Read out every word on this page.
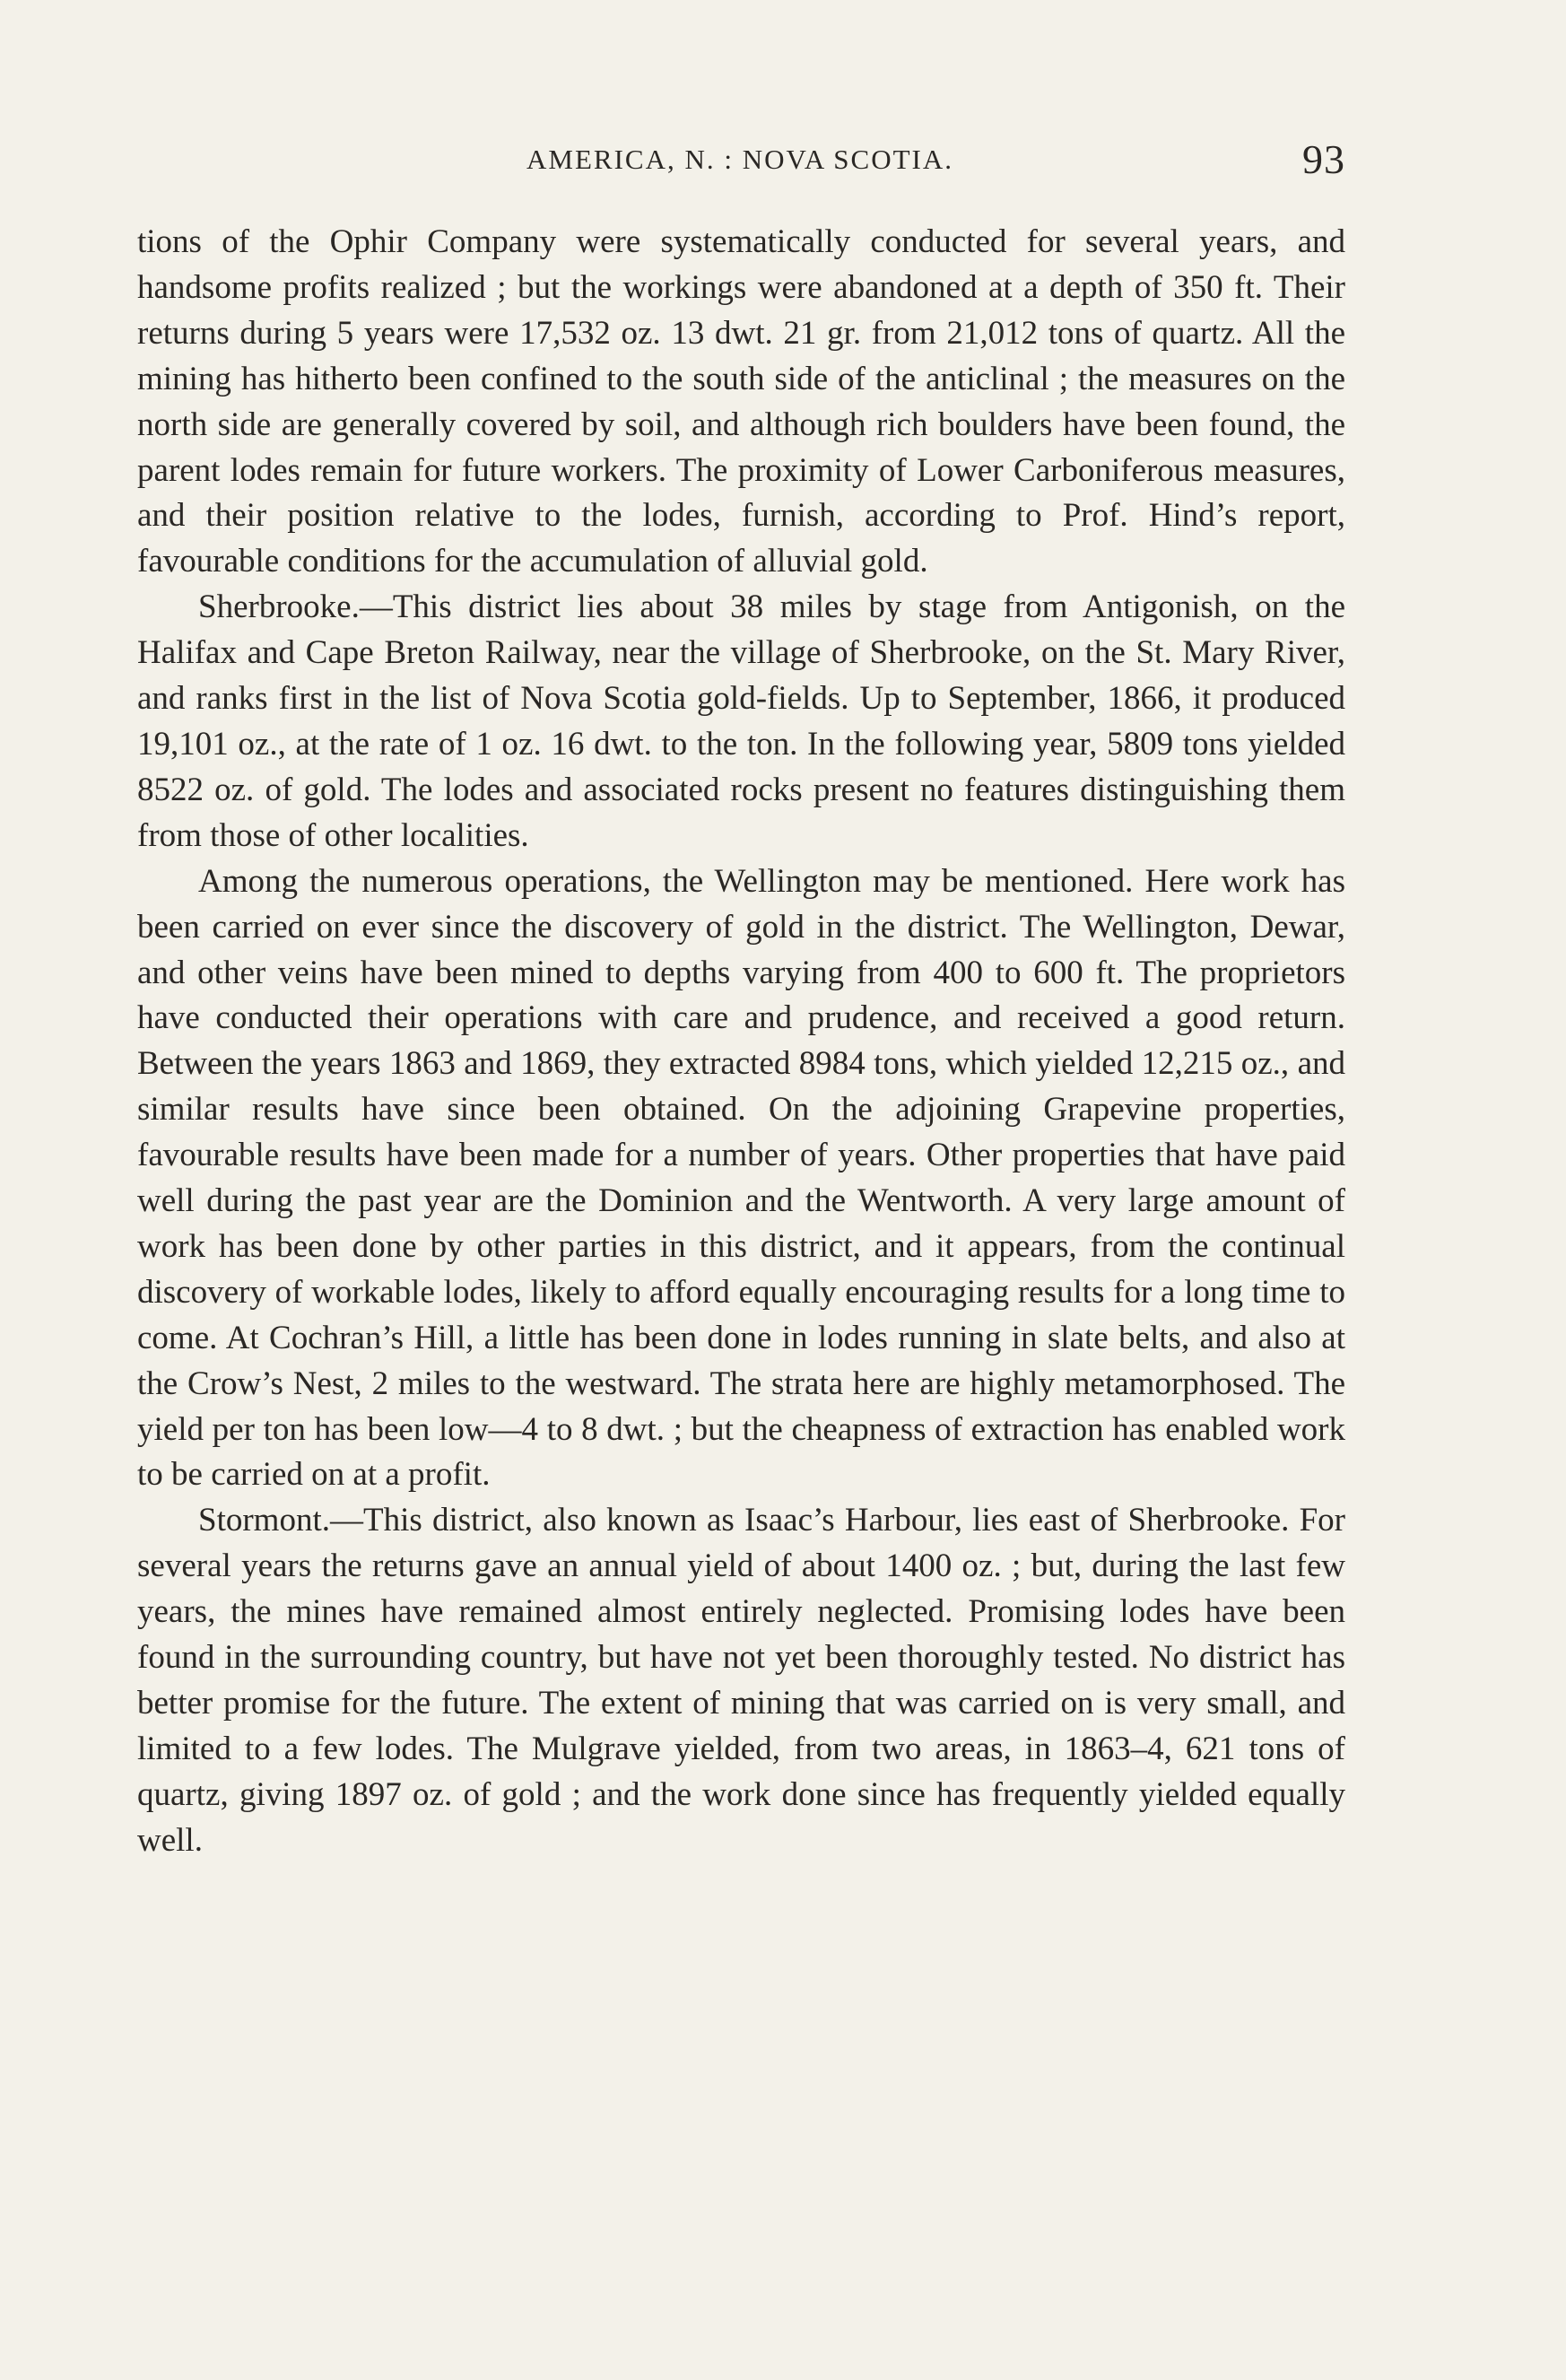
AMERICA, N. : NOVA SCOTIA.	93

tions of the Ophir Company were systematically conducted for several years, and handsome profits realized ; but the workings were abandoned at a depth of 350 ft. Their returns during 5 years were 17,532 oz. 13 dwt. 21 gr. from 21,012 tons of quartz. All the mining has hitherto been confined to the south side of the anticlinal ; the measures on the north side are generally covered by soil, and although rich boulders have been found, the parent lodes remain for future workers. The proximity of Lower Carboniferous measures, and their position relative to the lodes, furnish, according to Prof. Hind’s report, favourable conditions for the accumulation of alluvial gold.

Sherbrooke.—This district lies about 38 miles by stage from Antigonish, on the Halifax and Cape Breton Railway, near the village of Sherbrooke, on the St. Mary River, and ranks first in the list of Nova Scotia gold-fields. Up to September, 1866, it produced 19,101 oz., at the rate of 1 oz. 16 dwt. to the ton. In the following year, 5809 tons yielded 8522 oz. of gold. The lodes and associated rocks present no features distinguishing them from those of other localities.

Among the numerous operations, the Wellington may be mentioned. Here work has been carried on ever since the discovery of gold in the district. The Wellington, Dewar, and other veins have been mined to depths varying from 400 to 600 ft. The proprietors have conducted their operations with care and prudence, and received a good return. Between the years 1863 and 1869, they extracted 8984 tons, which yielded 12,215 oz., and similar results have since been obtained. On the adjoining Grapevine properties, favourable results have been made for a number of years. Other properties that have paid well during the past year are the Dominion and the Wentworth. A very large amount of work has been done by other parties in this district, and it appears, from the continual discovery of workable lodes, likely to afford equally encouraging results for a long time to come. At Cochran’s Hill, a little has been done in lodes running in slate belts, and also at the Crow’s Nest, 2 miles to the westward. The strata here are highly metamorphosed. The yield per ton has been low—4 to 8 dwt. ; but the cheapness of extraction has enabled work to be carried on at a profit.

Stormont.—This district, also known as Isaac’s Harbour, lies east of Sherbrooke. For several years the returns gave an annual yield of about 1400 oz. ; but, during the last few years, the mines have remained almost entirely neglected. Promising lodes have been found in the surrounding country, but have not yet been thoroughly tested. No district has better promise for the future. The extent of mining that was carried on is very small, and limited to a few lodes. The Mulgrave yielded, from two areas, in 1863–4, 621 tons of quartz, giving 1897 oz. of gold ; and the work done since has frequently yielded equally well.
